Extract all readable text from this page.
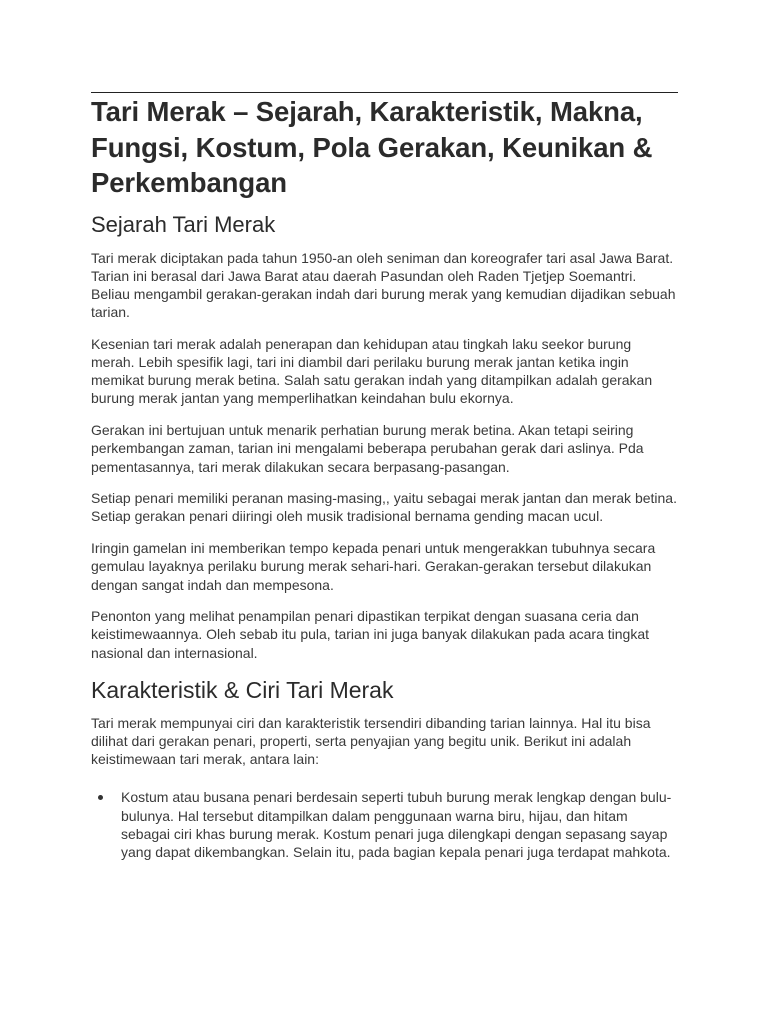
Tari Merak – Sejarah, Karakteristik, Makna, Fungsi, Kostum, Pola Gerakan, Keunikan & Perkembangan
Sejarah Tari Merak

Tari merak diciptakan pada tahun 1950-an oleh seniman dan koreografer tari asal Jawa Barat. Tarian ini berasal dari Jawa Barat atau daerah Pasundan oleh Raden Tjetjep Soemantri. Beliau mengambil gerakan-gerakan indah dari burung merak yang kemudian dijadikan sebuah tarian.

Kesenian tari merak adalah penerapan dan kehidupan atau tingkah laku seekor burung merah. Lebih spesifik lagi, tari ini diambil dari perilaku burung merak jantan ketika ingin memikat burung merak betina. Salah satu gerakan indah yang ditampilkan adalah gerakan burung merak jantan yang memperlihatkan keindahan bulu ekornya.

Gerakan ini bertujuan untuk menarik perhatian burung merak betina. Akan tetapi seiring perkembangan zaman, tarian ini mengalami beberapa perubahan gerak dari aslinya. Pda pementasannya, tari merak dilakukan secara berpasang-pasangan.

Setiap penari memiliki peranan masing-masing,, yaitu sebagai merak jantan dan merak betina. Setiap gerakan penari diiringi oleh musik tradisional bernama gending macan ucul.

Iringin gamelan ini memberikan tempo kepada penari untuk mengerakkan tubuhnya secara gemulau layaknya perilaku burung merak sehari-hari. Gerakan-gerakan tersebut dilakukan dengan sangat indah dan mempesona.

Penonton yang melihat penampilan penari dipastikan terpikat dengan suasana ceria dan keistimewaannya. Oleh sebab itu pula, tarian ini juga banyak dilakukan pada acara tingkat nasional dan internasional.

Karakteristik & Ciri Tari Merak

Tari merak mempunyai ciri dan karakteristik tersendiri dibanding tarian lainnya. Hal itu bisa dilihat dari gerakan penari, properti, serta penyajian yang begitu unik. Berikut ini adalah keistimewaan tari merak, antara lain:

Kostum atau busana penari berdesain seperti tubuh burung merak lengkap dengan bulu-bulunya. Hal tersebut ditampilkan dalam penggunaan warna biru, hijau, dan hitam sebagai ciri khas burung merak. Kostum penari juga dilengkapi dengan sepasang sayap yang dapat dikembangkan. Selain itu, pada bagian kepala penari juga terdapat mahkota.
